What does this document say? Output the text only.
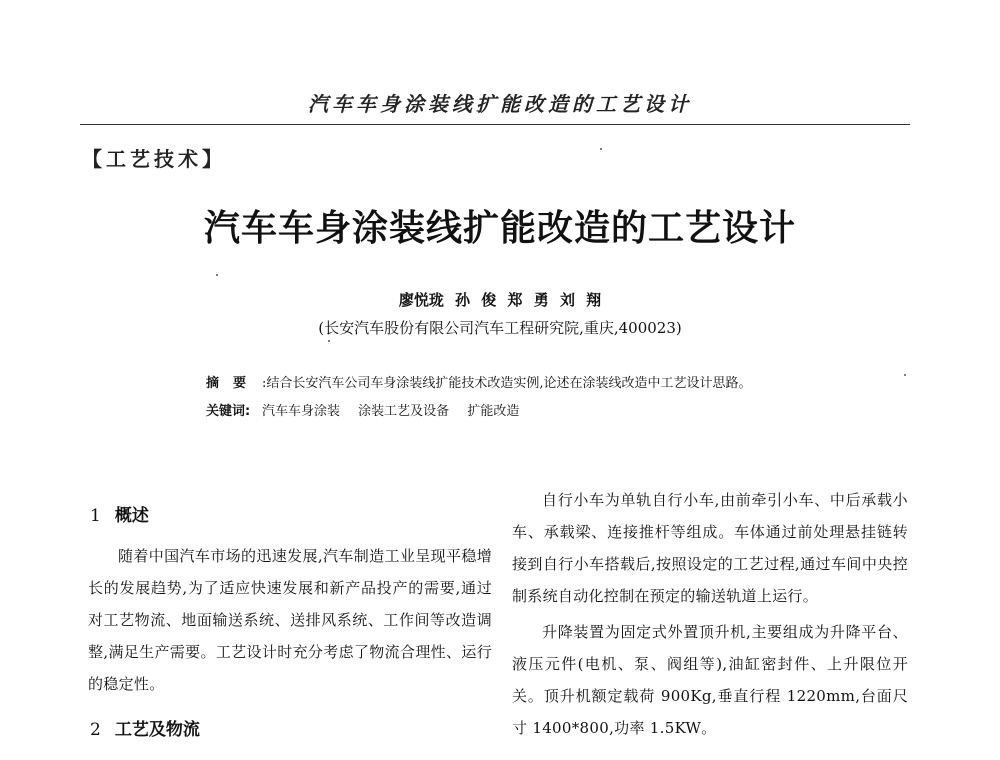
汽车车身涂装线扩能改造的工艺设计
【工艺技术】
汽车车身涂装线扩能改造的工艺设计
廖悦珑 孙 俊 郑 勇 刘 翔
(长安汽车股份有限公司汽车工程研究院,重庆,400023)
摘要 :结合长安汽车公司车身涂装线扩能技术改造实例,论述在涂装线改造中工艺设计思路。
关键词: 汽车车身涂装 涂装工艺及设备 扩能改造
1 概述
随着中国汽车市场的迅速发展,汽车制造工业呈现平稳增长的发展趋势,为了适应快速发展和新产品投产的需要,通过对工艺物流、地面输送系统、送排风系统、工作间等改造调整,满足生产需要。工艺设计时充分考虑了物流合理性、运行的稳定性。
2 工艺及物流
自行小车为单轨自行小车,由前牵引小车、中后承载小车、承载梁、连接推杆等组成。车体通过前处理悬挂链转接到自行小车搭载后,按照设定的工艺过程,通过车间中央控制系统自动化控制在预定的输送轨道上运行。
升降装置为固定式外置顶升机,主要组成为升降平台、液压元件(电机、泵、阀组等),油缸密封件、上升限位开关。顶升机额定载荷 900Kg,垂直行程 1220mm,台面尺寸 1400*800,功率 1.5KW。
